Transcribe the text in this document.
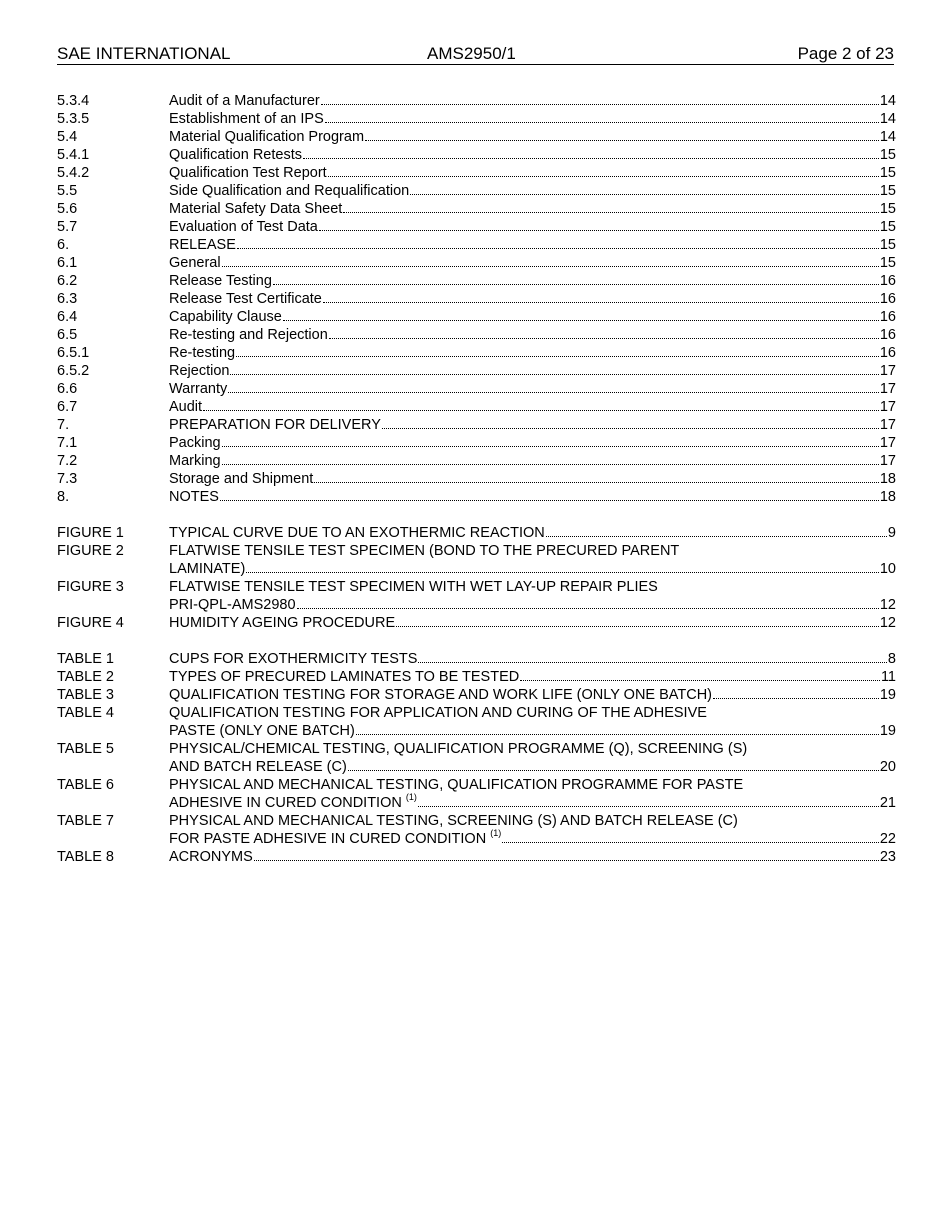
SAE INTERNATIONAL	AMS2950/1	Page 2 of 23
5.3.4	Audit of a Manufacturer	14
5.3.5	Establishment of an IPS	14
5.4	Material Qualification Program	14
5.4.1	Qualification Retests	15
5.4.2	Qualification Test Report	15
5.5	Side Qualification and Requalification	15
5.6	Material Safety Data Sheet	15
5.7	Evaluation of Test Data	15
6.	RELEASE	15
6.1	General	15
6.2	Release Testing	16
6.3	Release Test Certificate	16
6.4	Capability Clause	16
6.5	Re-testing and Rejection	16
6.5.1	Re-testing	16
6.5.2	Rejection	17
6.6	Warranty	17
6.7	Audit	17
7.	PREPARATION FOR DELIVERY	17
7.1	Packing	17
7.2	Marking	17
7.3	Storage and Shipment	18
8.	NOTES	18
FIGURE 1	TYPICAL CURVE DUE TO AN EXOTHERMIC REACTION	9
FIGURE 2	FLATWISE TENSILE TEST SPECIMEN (BOND TO THE PRECURED PARENT
LAMINATE)	10
FIGURE 3	FLATWISE TENSILE TEST SPECIMEN WITH WET LAY-UP REPAIR PLIES
PRI-QPL-AMS2980	12
FIGURE 4	HUMIDITY AGEING PROCEDURE	12
TABLE 1	CUPS FOR EXOTHERMICITY TESTS	8
TABLE 2	TYPES OF PRECURED LAMINATES TO BE TESTED	11
TABLE 3	QUALIFICATION TESTING FOR STORAGE AND WORK LIFE (ONLY ONE BATCH)	19
TABLE 4	QUALIFICATION TESTING FOR APPLICATION AND CURING OF THE ADHESIVE
PASTE (ONLY ONE BATCH)	19
TABLE 5	PHYSICAL/CHEMICAL TESTING, QUALIFICATION PROGRAMME (Q), SCREENING (S)
AND BATCH RELEASE (C)	20
TABLE 6	PHYSICAL AND MECHANICAL TESTING, QUALIFICATION PROGRAMME FOR PASTE
ADHESIVE IN CURED CONDITION $^{(1)}$	21
TABLE 7	PHYSICAL AND MECHANICAL TESTING, SCREENING (S) AND BATCH RELEASE (C)
FOR PASTE ADHESIVE IN CURED CONDITION $^{(1)}$	22
TABLE 8	ACRONYMS	23
